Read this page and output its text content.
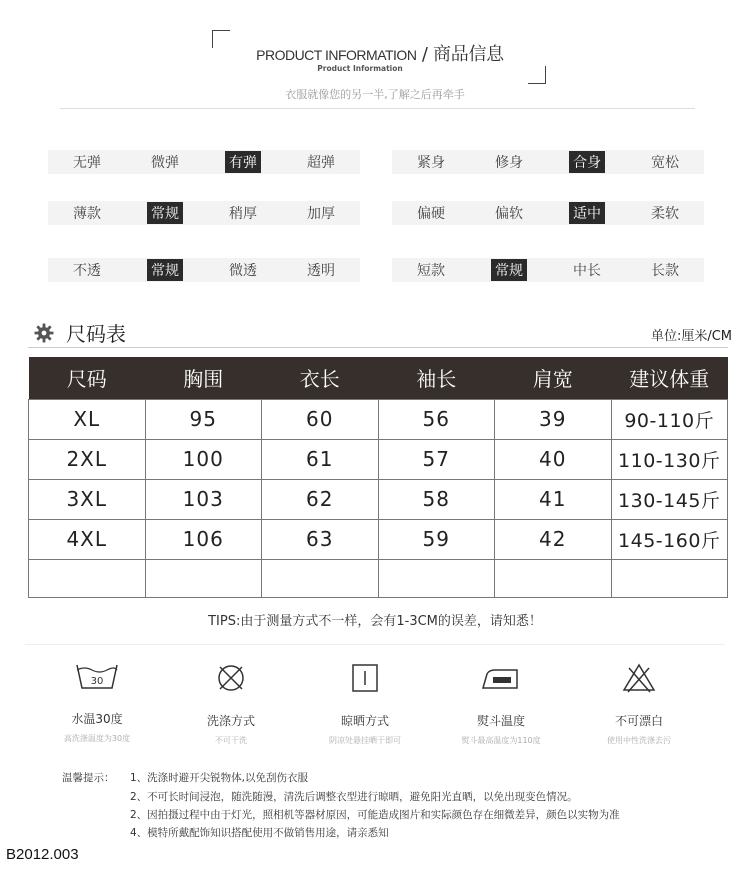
PRODUCT INFORMATION / 商品信息
Product Information
衣服就像您的另一半,了解之后再牵手
无弹	微弹	有弹	超弹	紧身	修身	合身	宽松
薄款	常规	稍厚	加厚	偏硬	偏软	适中	柔软
不透	常规	微透	透明	短款	常规	中长	长款
尺码表	单位:厘米/CM
尺码	胸围	衣长	袖长	肩宽	建议体重
XL	95	60	56	39	90-110斤
2XL	100	61	57	40	110-130斤
3XL	103	62	58	41	130-145斤
4XL	106	63	59	42	145-160斤

TIPS:由于测量方式不一样，会有1-3CM的误差，请知悉！
30
水温30度
高洗涤温度为30度
洗涤方式
不可干洗
晾晒方式
阴凉处悬挂晒干即可
熨斗温度
熨斗最高温度为110度
不可漂白
使用中性洗涤去污
温馨提示： 1、洗涤时避开尖锐物体,以免刮伤衣服
2、不可长时间浸泡，随洗随漫，清洗后调整衣型进行晾晒，避免阳光直晒，以免出现变色情况。
2、因拍摄过程中由于灯光，照相机等器材原因，可能造成图片和实际颜色存在细微差异，颜色以实物为准
4、模特所戴配饰知识搭配使用不做销售用途，请亲悉知
B2012.003
